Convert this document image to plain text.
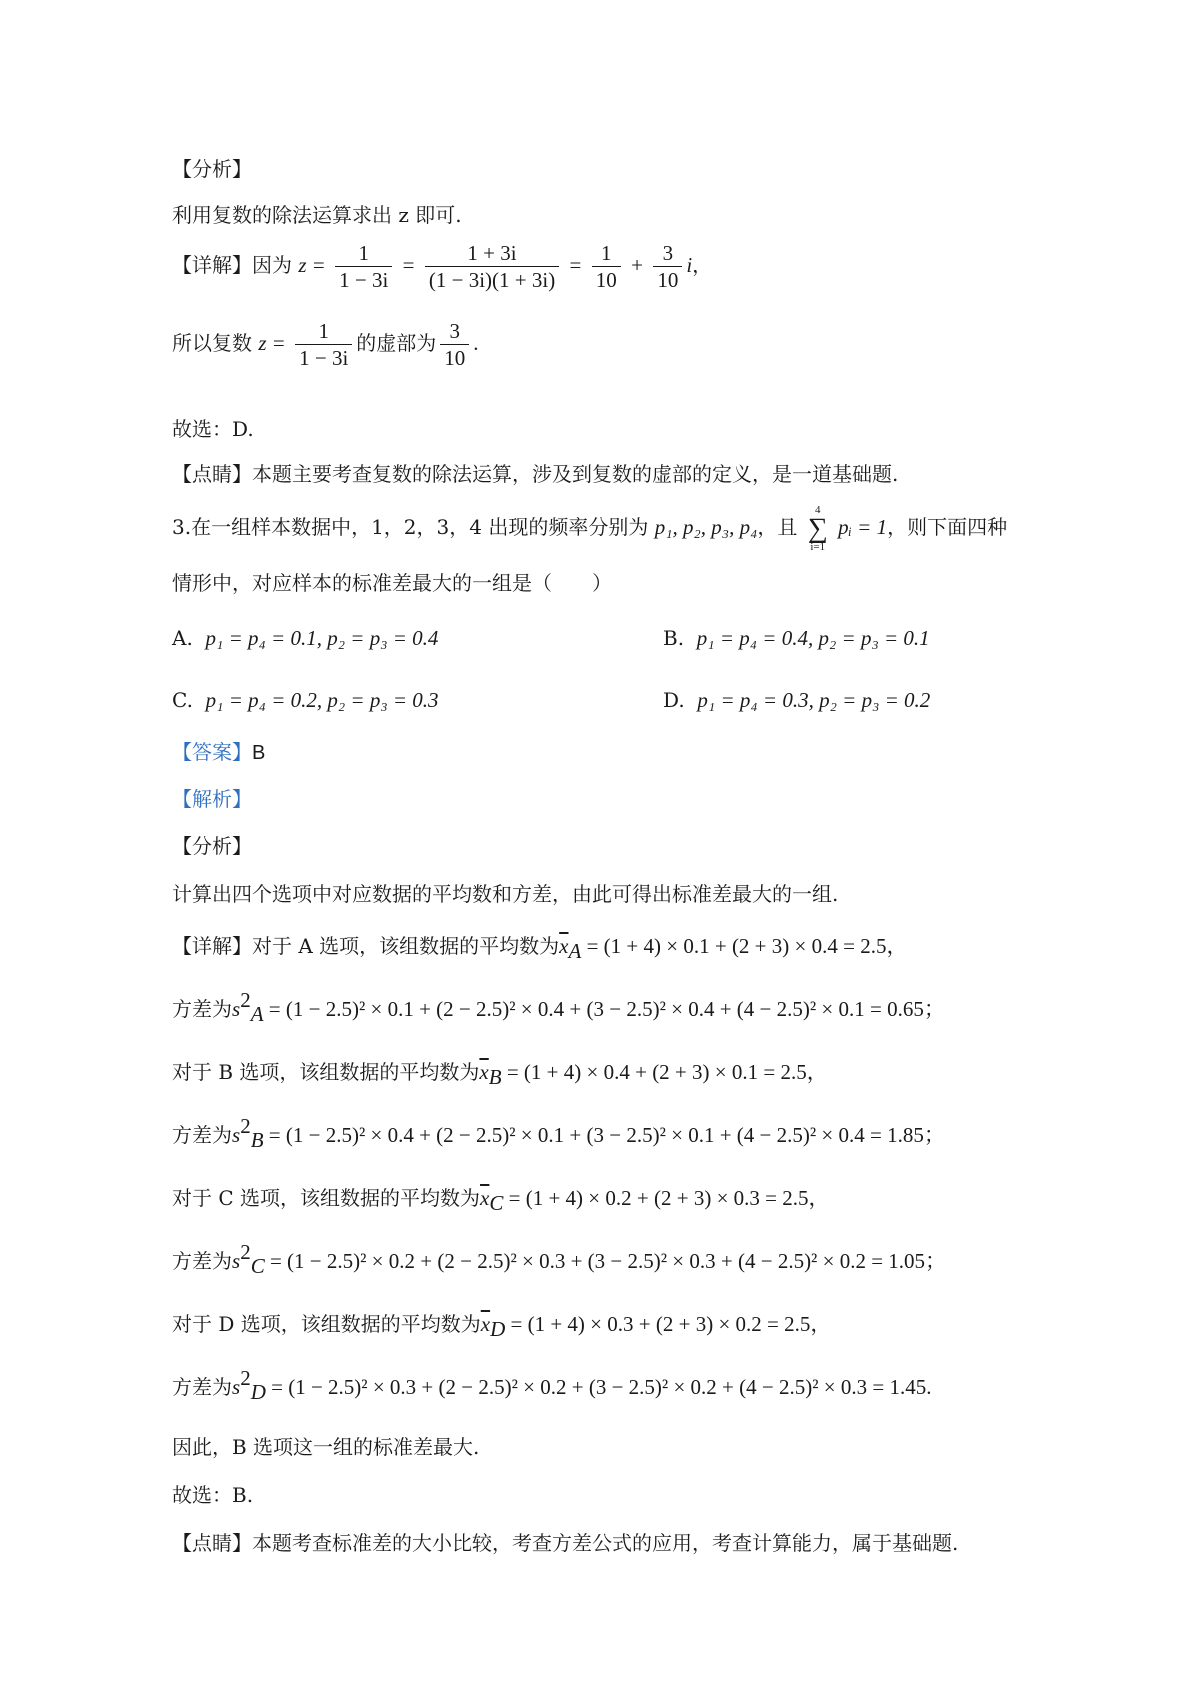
【分析】
利用复数的除法运算求出 z 即可.
【详解】因为 $z = \frac{1}{1 - 3i} = \frac{1 + 3i}{(1 - 3i)(1 + 3i)} = \frac{1}{10} + \frac{3}{10}$ i，
所以复数 $z = \frac{1}{1 - 3i}$ 的虚部为 $\frac{3}{10}$ .
故选：D.
【点睛】本题主要考查复数的除法运算，涉及到复数的虚部的定义，是一道基础题.
3.在一组样本数据中，1，2，3，4 出现的频率分别为 p₁, p₂, p₃, p₄，且
4
∑
i=1
pᵢ = 1，则下面四种
情形中，对应样本的标准差最大的一组是（　　）
A. p₁ = p₄ = 0.1, p₂ = p₃ = 0.4	B. p₁ = p₄ = 0.4, p₂ = p₃ = 0.1
C. p₁ = p₄ = 0.2, p₂ = p₃ = 0.3	D. p₁ = p₄ = 0.3, p₂ = p₃ = 0.2
【答案】B
【解析】
【分析】
计算出四个选项中对应数据的平均数和方差，由此可得出标准差最大的一组.
【详解】对于 A 选项，该组数据的平均数为$\overline{x}_A = (1 + 4) \times 0.1 + (2 + 3) \times 0.4 = 2.5$，
方差为$s^2_A = (1 - 2.5)^2 \times 0.1 + (2 - 2.5)^2 \times 0.4 + (3 - 2.5)^2 \times 0.4 + (4 - 2.5)^2 \times 0.1 = 0.65$；
对于 B 选项，该组数据的平均数为$\overline{x}_B = (1 + 4) \times 0.4 + (2 + 3) \times 0.1 = 2.5$，
方差为$s^2_B = (1 - 2.5)^2 \times 0.4 + (2 - 2.5)^2 \times 0.1 + (3 - 2.5)^2 \times 0.1 + (4 - 2.5)^2 \times 0.4 = 1.85$；
对于 C 选项，该组数据的平均数为$\overline{x}_C = (1 + 4) \times 0.2 + (2 + 3) \times 0.3 = 2.5$，
方差为$s^2_C = (1 - 2.5)^2 \times 0.2 + (2 - 2.5)^2 \times 0.3 + (3 - 2.5)^2 \times 0.3 + (4 - 2.5)^2 \times 0.2 = 1.05$；
对于 D 选项，该组数据的平均数为$\overline{x}_D = (1 + 4) \times 0.3 + (2 + 3) \times 0.2 = 2.5$，
方差为$s^2_D = (1 - 2.5)^2 \times 0.3 + (2 - 2.5)^2 \times 0.2 + (3 - 2.5)^2 \times 0.2 + (4 - 2.5)^2 \times 0.3 = 1.45$.
因此，B 选项这一组的标准差最大.
故选：B.
【点睛】本题考查标准差的大小比较，考查方差公式的应用，考查计算能力，属于基础题.
